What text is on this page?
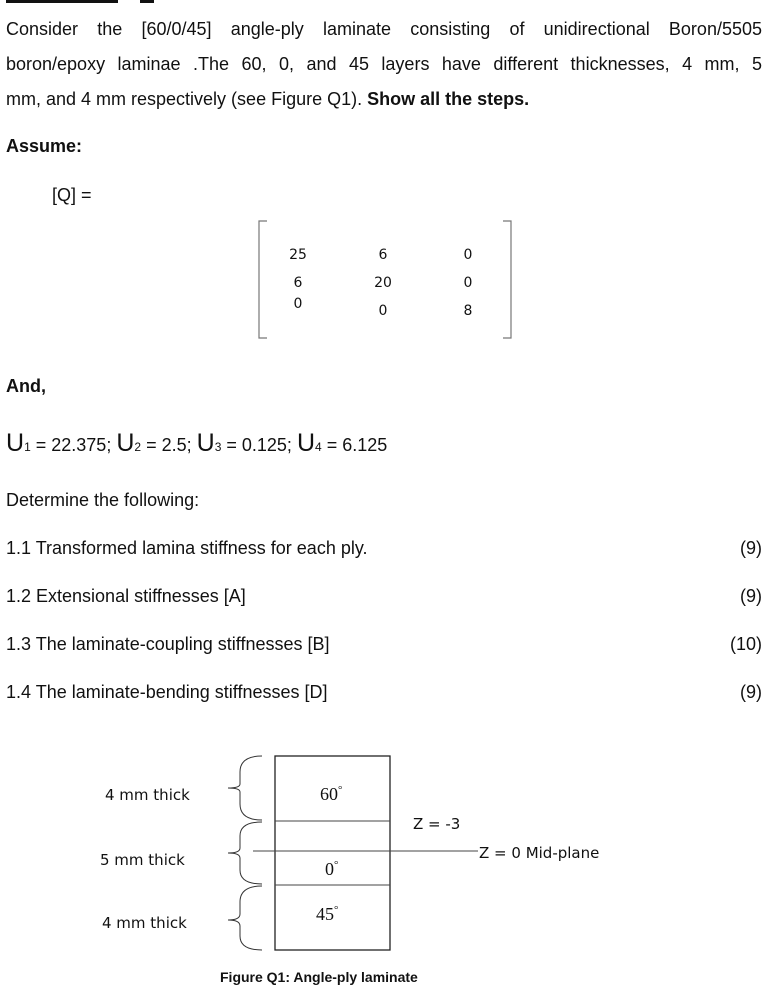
Consider the [60/0/45] angle-ply laminate consisting of unidirectional Boron/5505
boron/epoxy laminae .The 60, 0, and 45 layers have different thicknesses, 4 mm, 5
mm, and 4 mm respectively (see Figure Q1). Show all the steps.
Assume:
[Q] =
25	6	0
6	20	0
0	0	8
And,
U1 = 22.375; U2 = 2.5; U3 = 0.125; U4 = 6.125
Determine the following:
1.1 Transformed lamina stiffness for each ply.	(9)
1.2 Extensional stiffnesses [A]	(9)
1.3 The laminate-coupling stiffnesses [B]	(10)
1.4 The laminate-bending stiffnesses [D]	(9)
4 mm thick
5 mm thick
4 mm thick
60°
0°
45°
Z = -3
Z = 0 Mid-plane
Figure Q1: Angle-ply laminate
